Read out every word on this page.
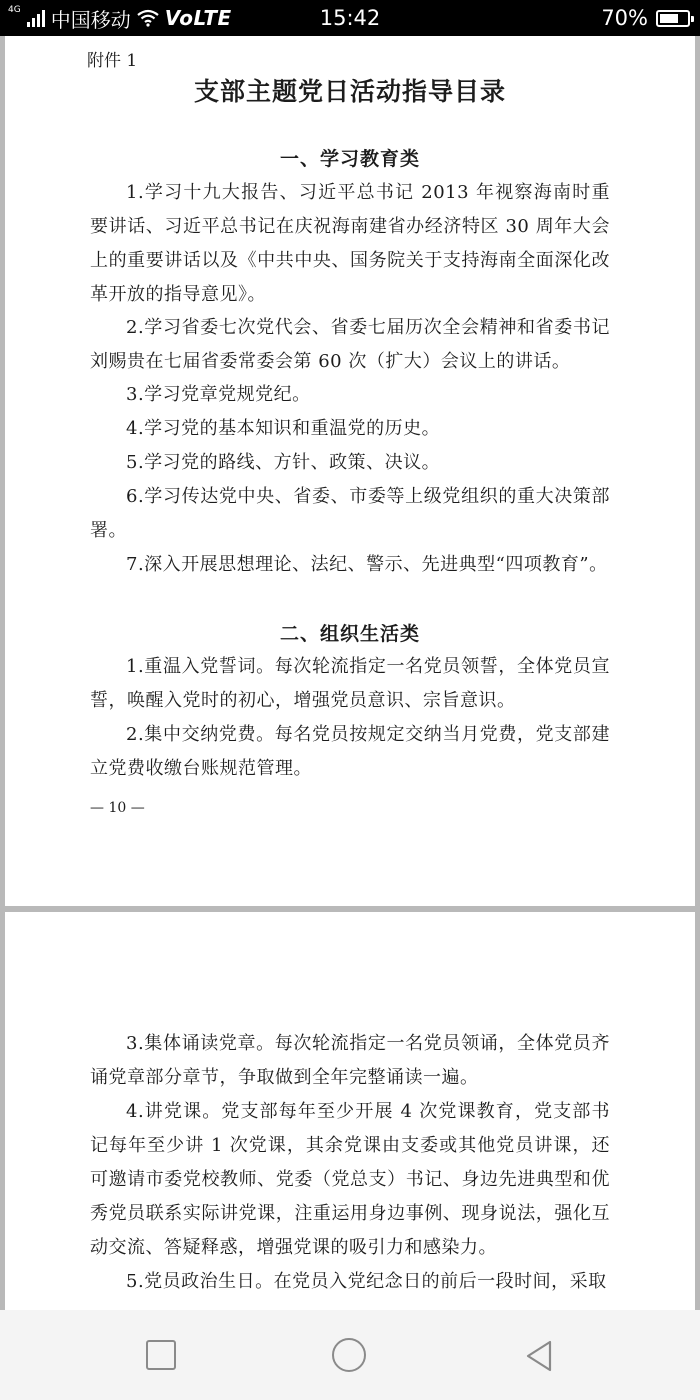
4G 中国移动 VoLTE	15:42	70%
附件 1
支部主题党日活动指导目录
一、学习教育类

1.学习十九大报告、习近平总书记 2013 年视察海南时重要讲话、习近平总书记在庆祝海南建省办经济特区 30 周年大会上的重要讲话以及《中共中央、国务院关于支持海南全面深化改革开放的指导意见》。

2.学习省委七次党代会、省委七届历次全会精神和省委书记刘赐贵在七届省委常委会第 60 次（扩大）会议上的讲话。

3.学习党章党规党纪。

4.学习党的基本知识和重温党的历史。

5.学习党的路线、方针、政策、决议。

6.学习传达党中央、省委、市委等上级党组织的重大决策部署。

7.深入开展思想理论、法纪、警示、先进典型“四项教育”。

二、组织生活类

1.重温入党誓词。每次轮流指定一名党员领誓，全体党员宣誓，唤醒入党时的初心，增强党员意识、宗旨意识。

2.集中交纳党费。每名党员按规定交纳当月党费，党支部建立党费收缴台账规范管理。

— 10 —

3.集体诵读党章。每次轮流指定一名党员领诵，全体党员齐诵党章部分章节，争取做到全年完整诵读一遍。

4.讲党课。党支部每年至少开展 4 次党课教育，党支部书记每年至少讲 1 次党课，其余党课由支委或其他党员讲课，还可邀请市委党校教师、党委（党总支）书记、身边先进典型和优秀党员联系实际讲党课，注重运用身边事例、现身说法，强化互动交流、答疑释惑，增强党课的吸引力和感染力。

5.党员政治生日。在党员入党纪念日的前后一段时间，采取
